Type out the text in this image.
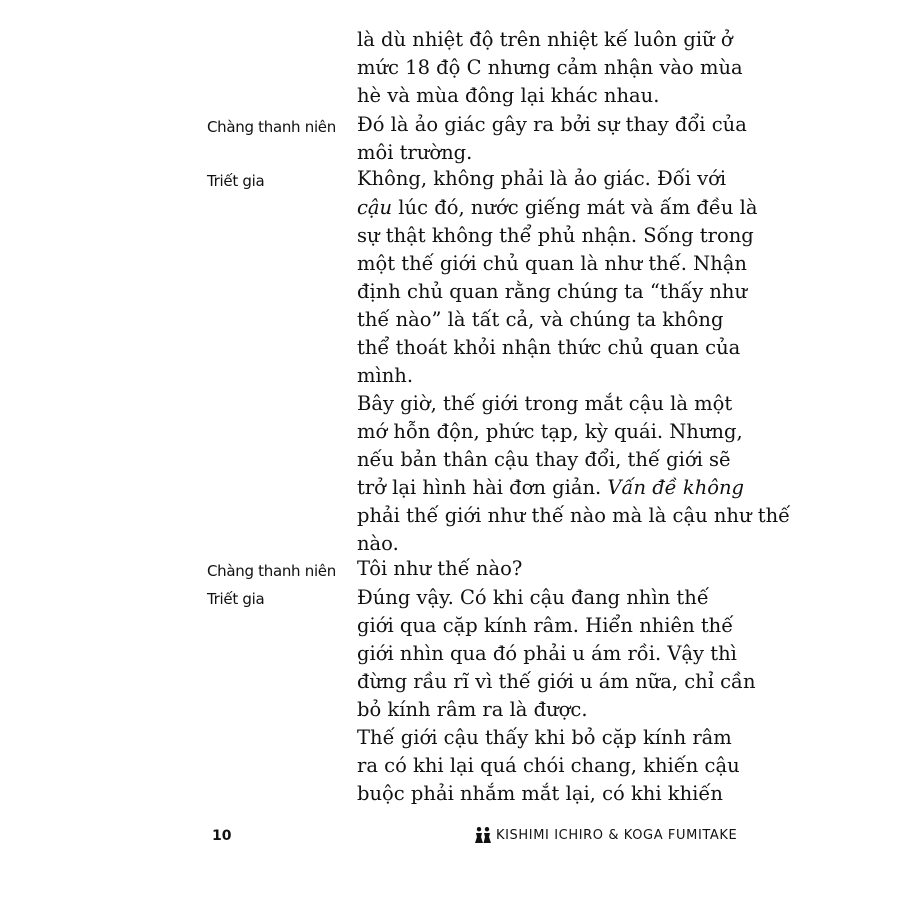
Chàng thanh niên
Triết gia
Chàng thanh niên
Triết gia
là dù nhiệt độ trên nhiệt kế luôn giữ ở
mức 18 độ C nhưng cảm nhận vào mùa
hè và mùa đông lại khác nhau.
Đó là ảo giác gây ra bởi sự thay đổi của
môi trường.
Không, không phải là ảo giác. Đối với
cậu lúc đó, nước giếng mát và ấm đều là
sự thật không thể phủ nhận. Sống trong
một thế giới chủ quan là như thế. Nhận
định chủ quan rằng chúng ta “thấy như
thế nào” là tất cả, và chúng ta không
thể thoát khỏi nhận thức chủ quan của
mình.
Bây giờ, thế giới trong mắt cậu là một
mớ hỗn độn, phức tạp, kỳ quái. Nhưng,
nếu bản thân cậu thay đổi, thế giới sẽ
trở lại hình hài đơn giản. Vấn đề không
phải thế giới như thế nào mà là cậu như thế
nào.
Tôi như thế nào?
Đúng vậy. Có khi cậu đang nhìn thế
giới qua cặp kính râm. Hiển nhiên thế
giới nhìn qua đó phải u ám rồi. Vậy thì
đừng rầu rĩ vì thế giới u ám nữa, chỉ cần
bỏ kính râm ra là được.
Thế giới cậu thấy khi bỏ cặp kính râm
ra có khi lại quá chói chang, khiến cậu
buộc phải nhắm mắt lại, có khi khiến
10	KISHIMI ICHIRO & KOGA FUMITAKE
